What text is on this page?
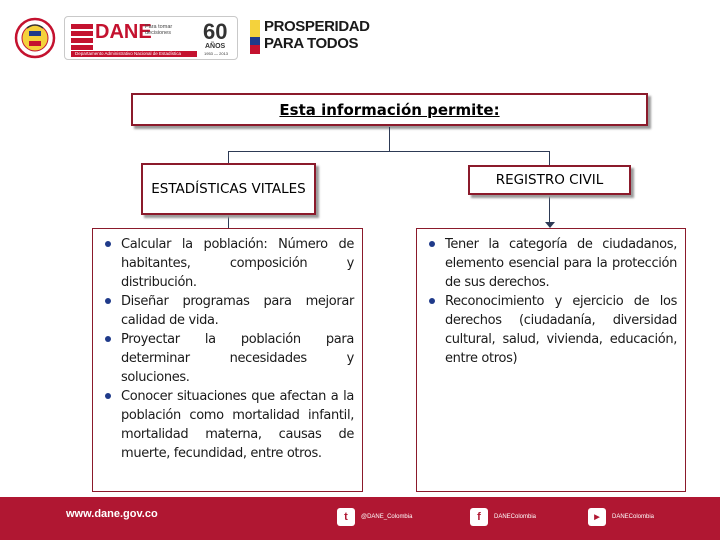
DANE
Para tomar decisiones
Departamento Administrativo Nacional de Estadística
60
AÑOS
1953 — 2013
PROSPERIDAD
PARA TODOS
Esta información permite:
ESTADÍSTICAS VITALES
REGISTRO CIVIL
Calcular la población: Número de habitantes, composición y distribución.
Diseñar programas para mejorar calidad de vida.
Proyectar la población para determinar necesidades y soluciones.
Conocer situaciones que afectan a la población como mortalidad infantil, mortalidad materna, causas de muerte, fecundidad, entre otros.
Tener la categoría de ciudadanos, elemento esencial para la protección de sus derechos.
Reconocimiento y ejercicio de los derechos (ciudadanía, diversidad cultural, salud, vivienda, educación, entre otros)
www.dane.gov.co	t	@DANE_Colombia	f	DANEColombia	▶	DANEColombia
